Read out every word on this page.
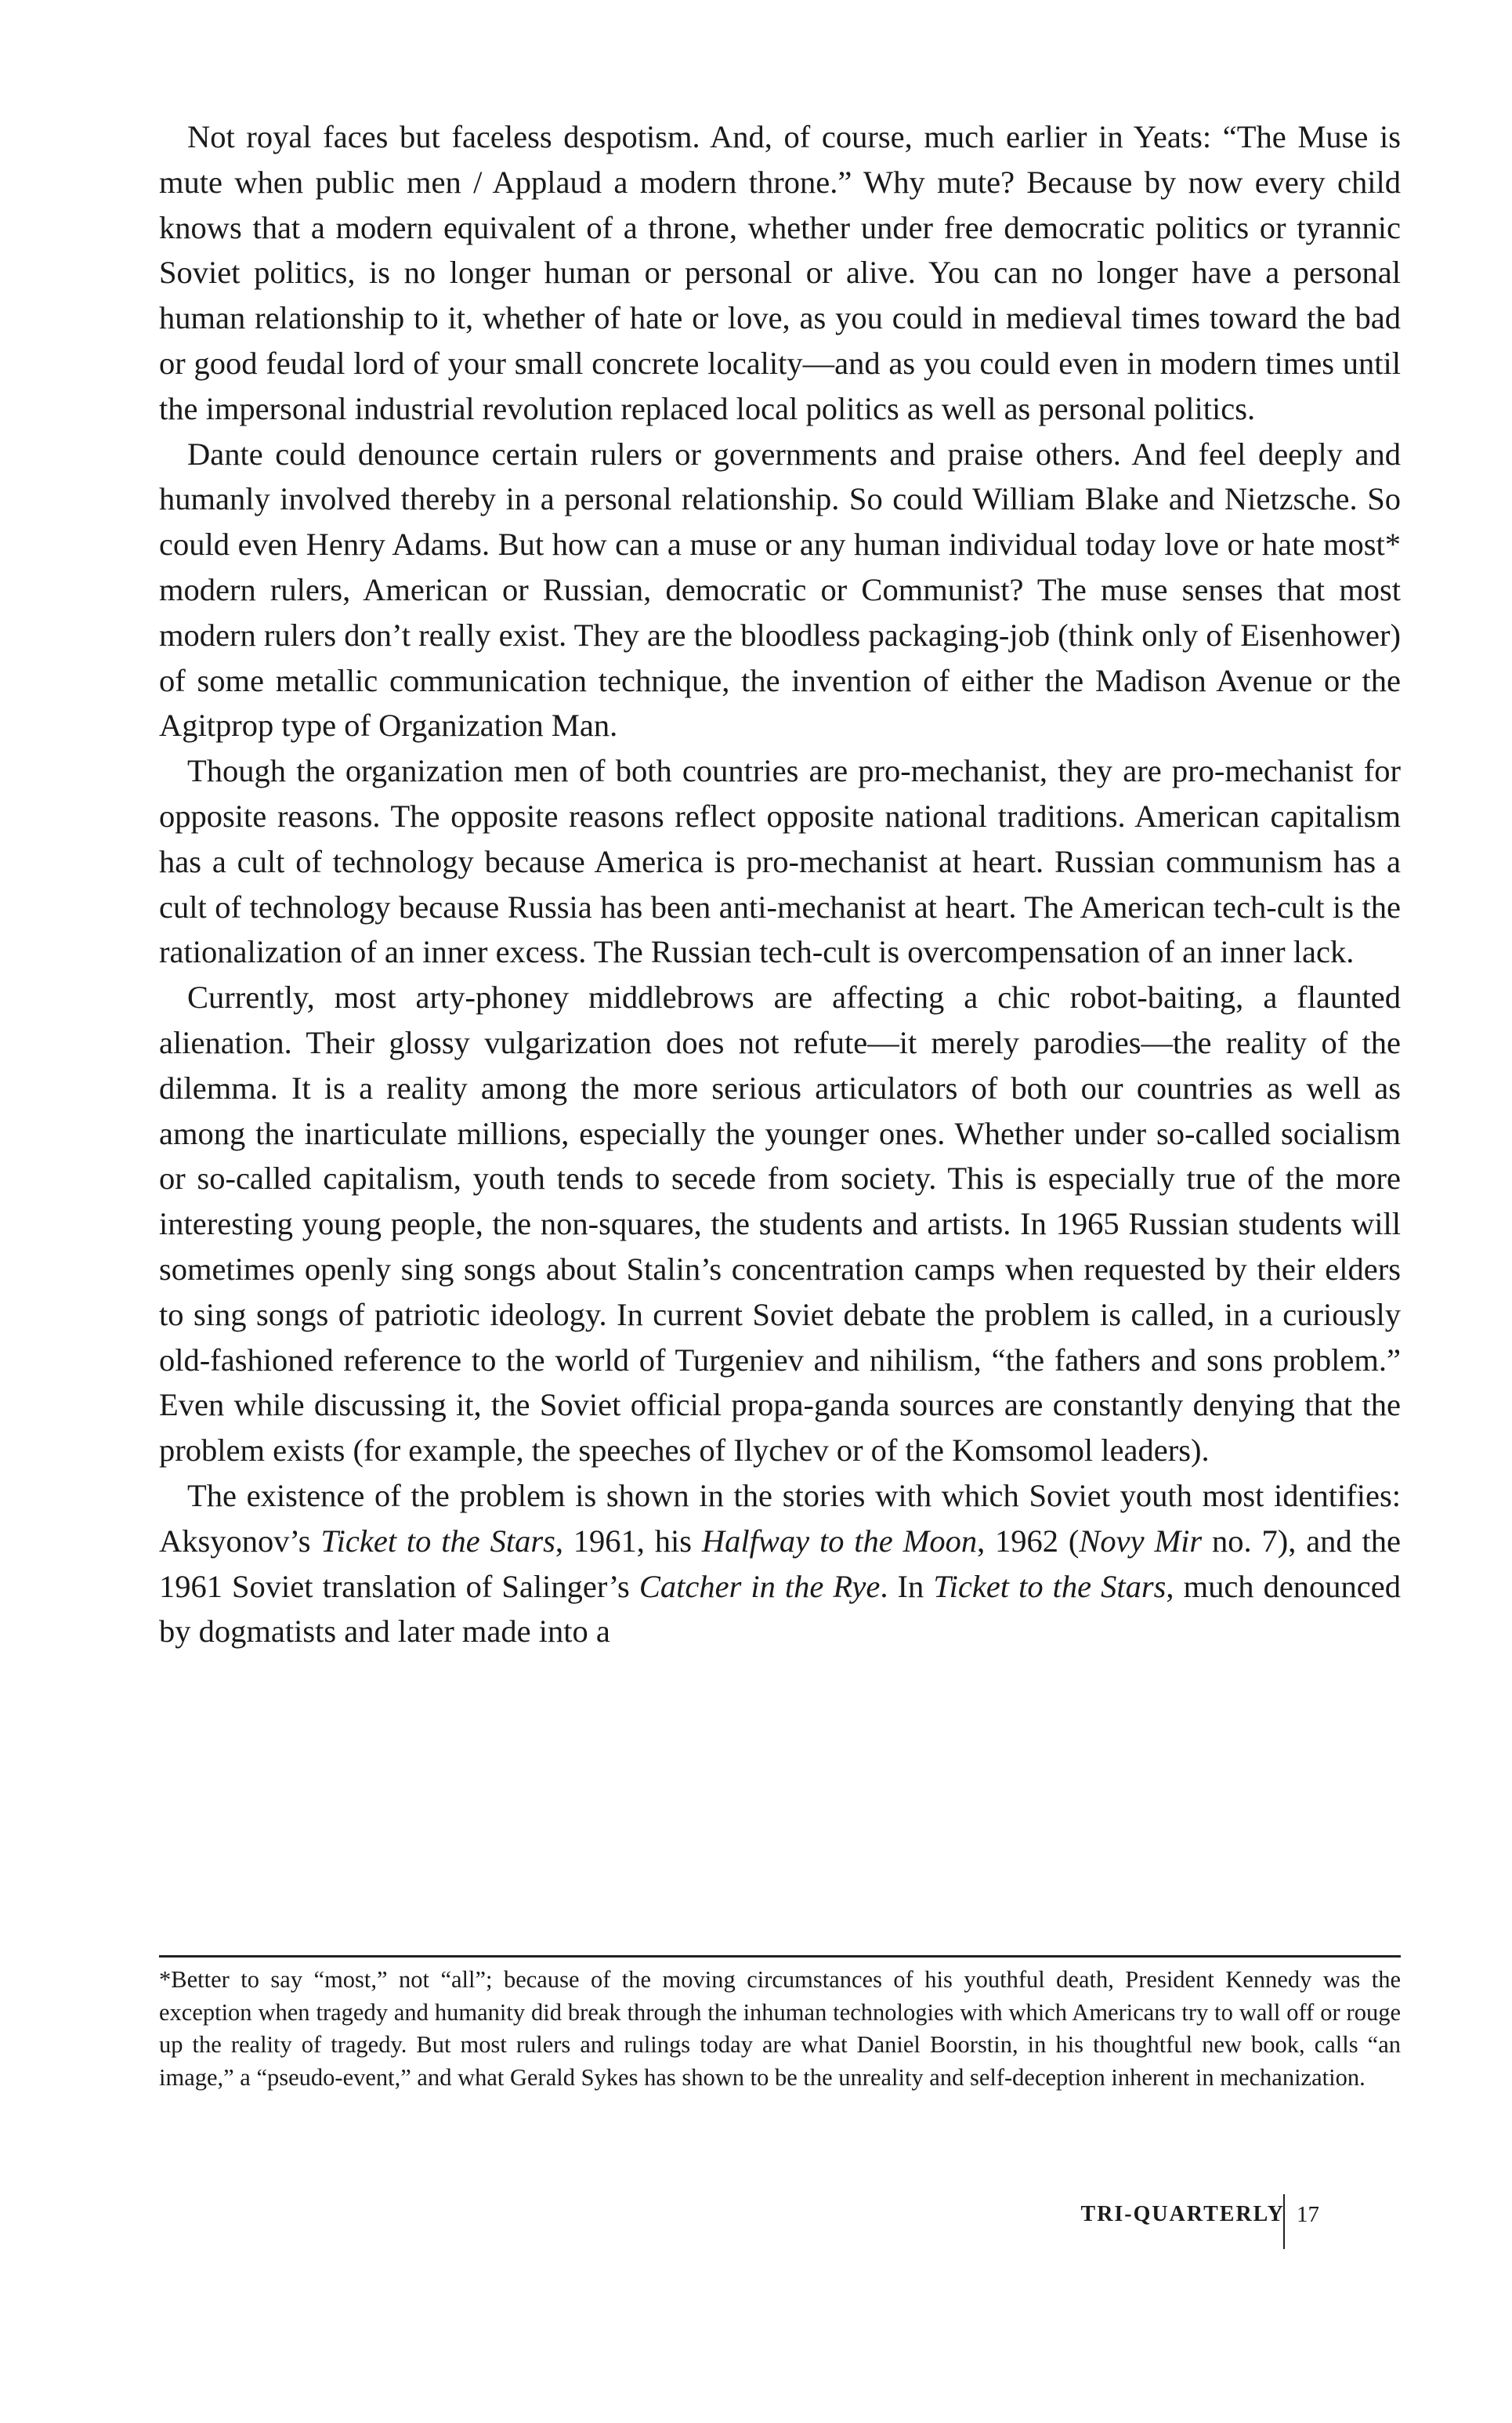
Not royal faces but faceless despotism. And, of course, much earlier in Yeats: “The Muse is mute when public men / Applaud a modern throne.” Why mute? Because by now every child knows that a modern equivalent of a throne, whether under free democratic politics or tyrannic Soviet politics, is no longer human or personal or alive. You can no longer have a personal human relationship to it, whether of hate or love, as you could in medieval times toward the bad or good feudal lord of your small concrete locality—and as you could even in modern times until the impersonal industrial revolution replaced local politics as well as personal politics.

Dante could denounce certain rulers or governments and praise others. And feel deeply and humanly involved thereby in a personal relationship. So could William Blake and Nietzsche. So could even Henry Adams. But how can a muse or any human individual today love or hate most* modern rulers, American or Russian, democratic or Communist? The muse senses that most modern rulers don’t really exist. They are the bloodless packaging-job (think only of Eisenhower) of some metallic communication technique, the invention of either the Madison Avenue or the Agitprop type of Organization Man.

Though the organization men of both countries are pro-mechanist, they are pro-mechanist for opposite reasons. The opposite reasons reflect opposite national traditions. American capitalism has a cult of technology because America is pro-mechanist at heart. Russian communism has a cult of technology because Russia has been anti-mechanist at heart. The American tech-cult is the rationalization of an inner excess. The Russian tech-cult is overcompensation of an inner lack.

Currently, most arty-phoney middlebrows are affecting a chic robot-baiting, a flaunted alienation. Their glossy vulgarization does not refute—it merely parodies—the reality of the dilemma. It is a reality among the more serious articulators of both our countries as well as among the inarticulate millions, especially the younger ones. Whether under so-called socialism or so-called capitalism, youth tends to secede from society. This is especially true of the more interesting young people, the non-squares, the students and artists. In 1965 Russian students will sometimes openly sing songs about Stalin’s concentration camps when requested by their elders to sing songs of patriotic ideology. In current Soviet debate the problem is called, in a curiously old-fashioned reference to the world of Turgeniev and nihilism, “the fathers and sons problem.” Even while discussing it, the Soviet official propa-ganda sources are constantly denying that the problem exists (for example, the speeches of Ilychev or of the Komsomol leaders).

The existence of the problem is shown in the stories with which Soviet youth most identifies: Aksyonov’s Ticket to the Stars, 1961, his Halfway to the Moon, 1962 (Novy Mir no. 7), and the 1961 Soviet translation of Salinger’s Catcher in the Rye. In Ticket to the Stars, much denounced by dogmatists and later made into a

*Better to say “most,” not “all”; because of the moving circumstances of his youthful death, President Kennedy was the exception when tragedy and humanity did break through the inhuman technologies with which Americans try to wall off or rouge up the reality of tragedy. But most rulers and rulings today are what Daniel Boorstin, in his thoughtful new book, calls “an image,” a “pseudo-event,” and what Gerald Sykes has shown to be the unreality and self-deception inherent in mechanization.

TRI-QUARTERLY 17
